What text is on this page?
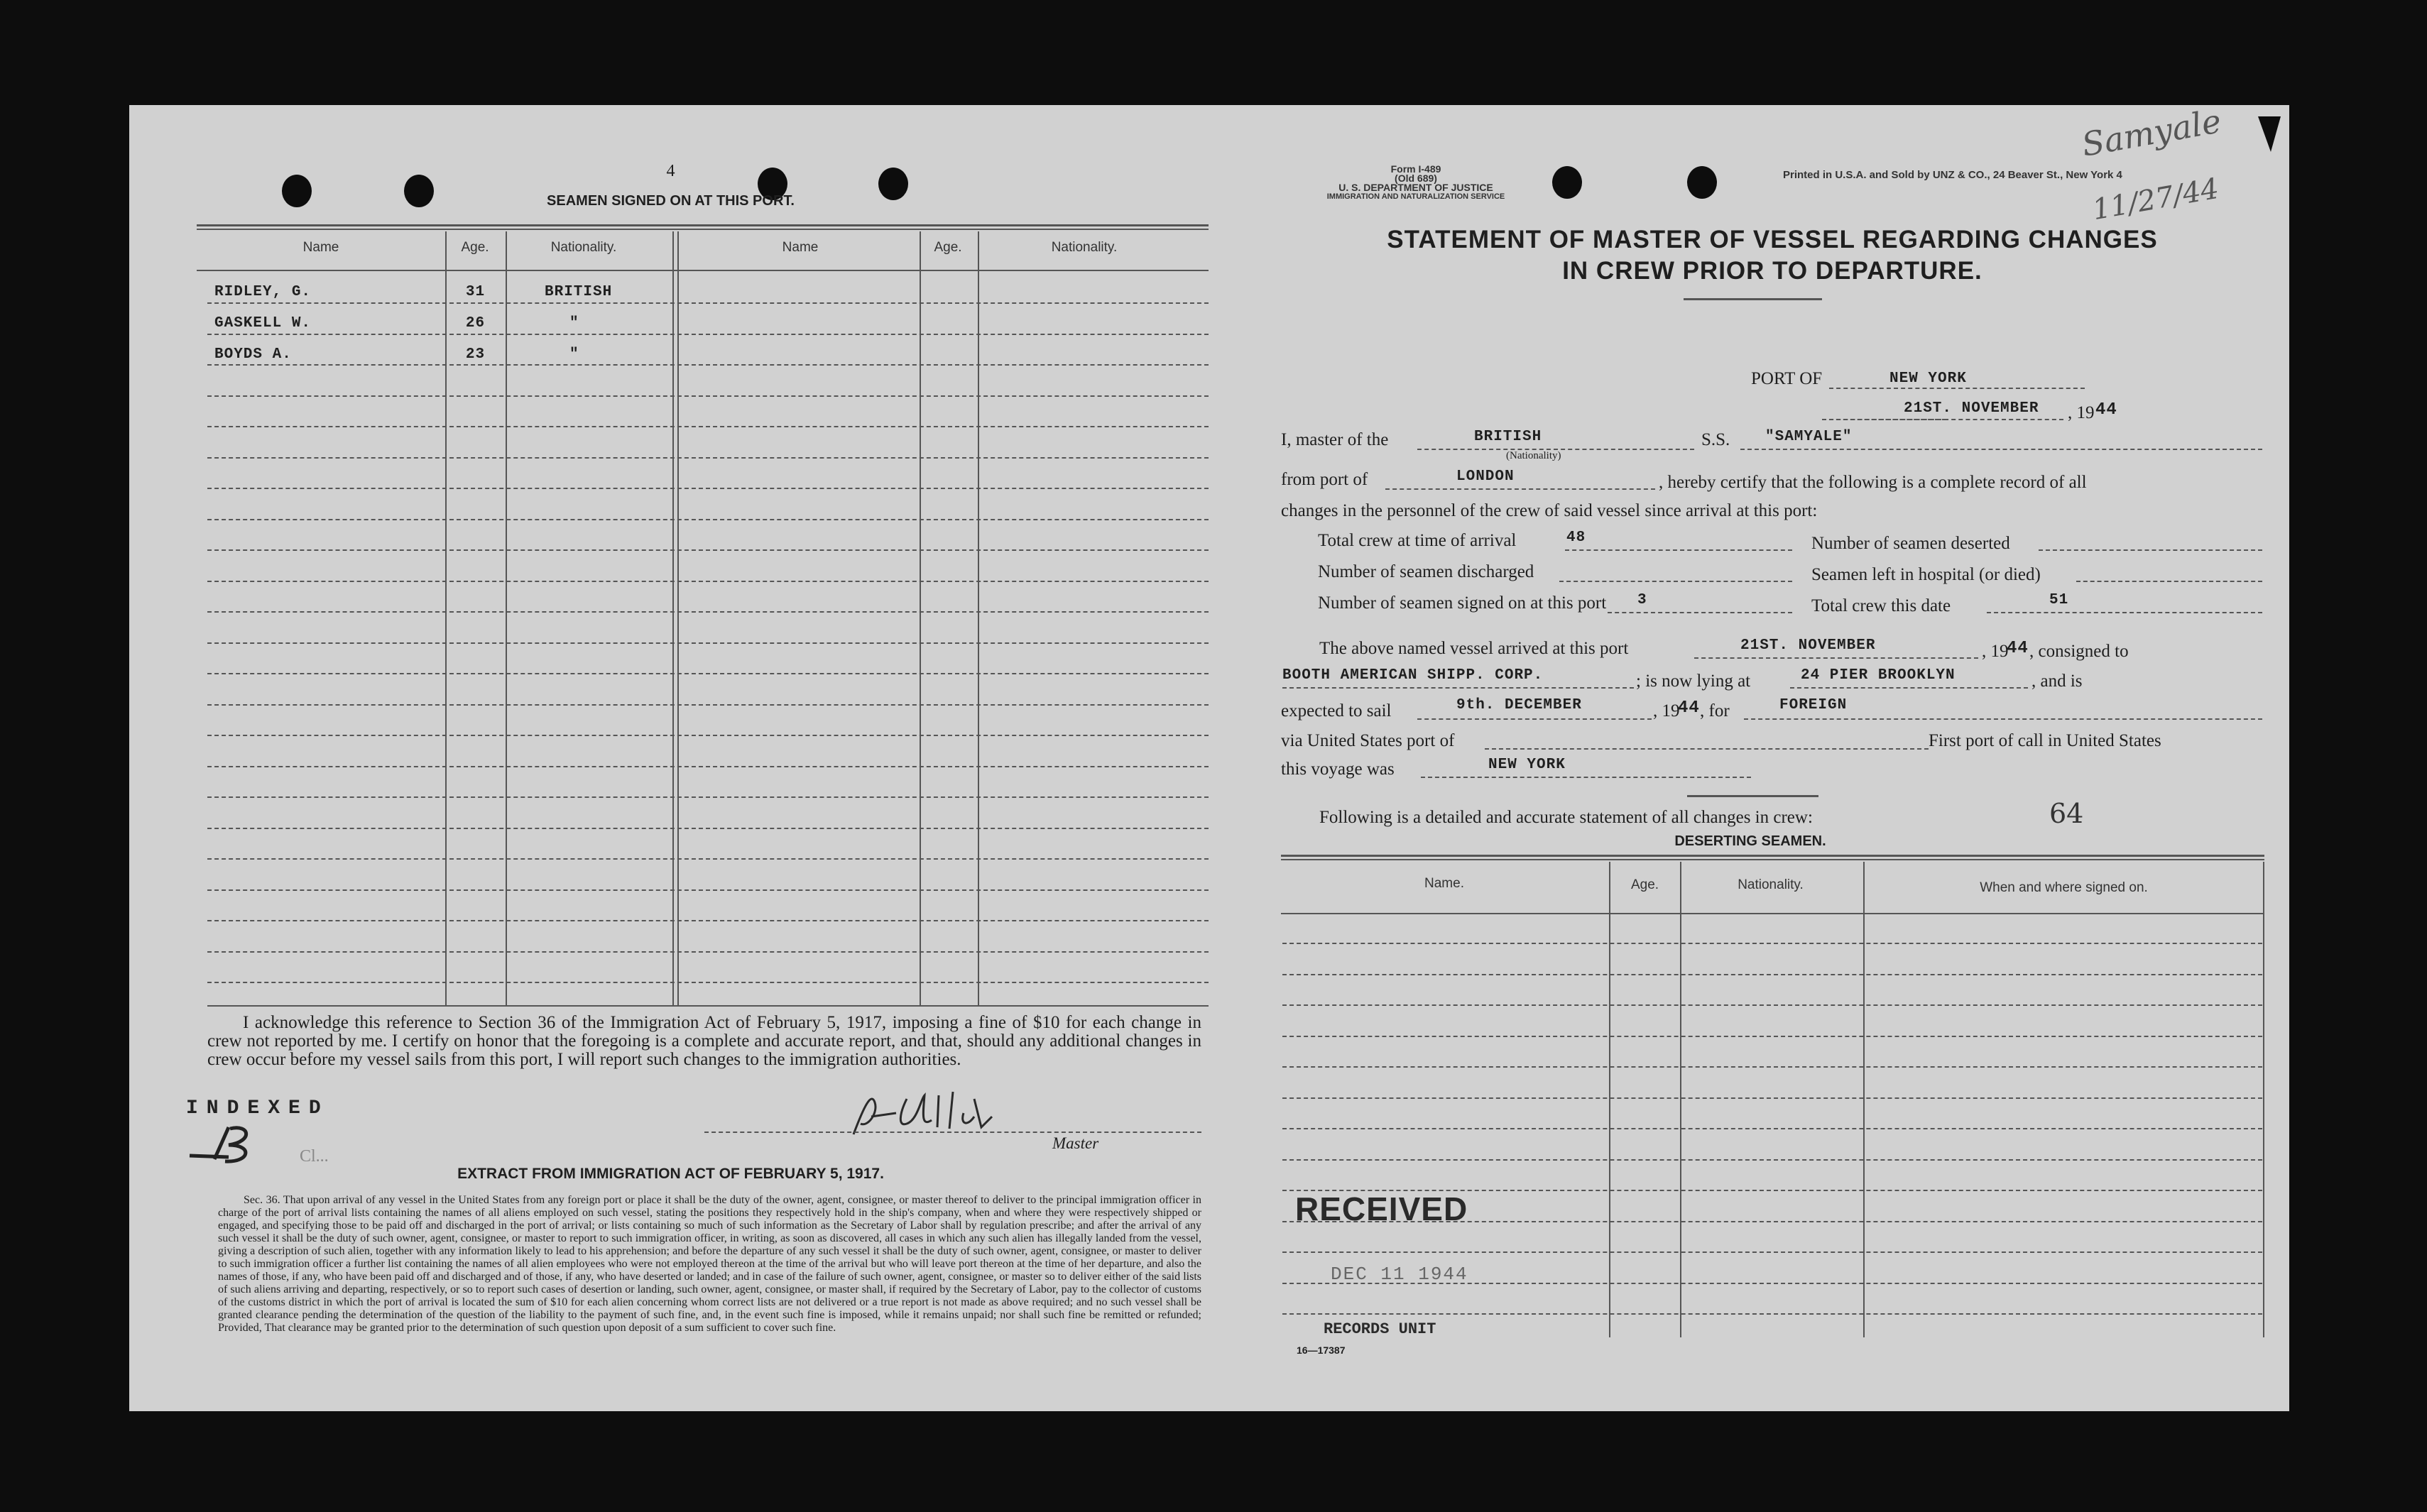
4
SEAMEN SIGNED ON AT THIS PORT.
Name	Age.	Nationality.	Name	Age.	Nationality.
RIDLEY, G.	31	BRITISH
GASKELL W.	26	"
BOYDS A.	23	"
I acknowledge this reference to Section 36 of the Immigration Act of February 5, 1917, imposing a fine of $10 for each change in crew not reported by me. I certify on honor that the foregoing is a complete and accurate report, and that, should any additional changes in crew occur before my vessel sails from this port, I will report such changes to the immigration authorities.
INDEXED
Cl...
Master
EXTRACT FROM IMMIGRATION ACT OF FEBRUARY 5, 1917.
Sec. 36. That upon arrival of any vessel in the United States from any foreign port or place it shall be the duty of the owner, agent, consignee, or master thereof to deliver to the principal immigration officer in charge of the port of arrival lists containing the names of all aliens employed on such vessel, stating the positions they respectively hold in the ship's company, when and where they were respectively shipped or engaged, and specifying those to be paid off and discharged in the port of arrival; or lists containing so much of such information as the Secretary of Labor shall by regulation prescribe; and after the arrival of any such vessel it shall be the duty of such owner, agent, consignee, or master to report to such immigration officer, in writing, as soon as discovered, all cases in which any such alien has illegally landed from the vessel, giving a description of such alien, together with any information likely to lead to his apprehension; and before the departure of any such vessel it shall be the duty of such owner, agent, consignee, or master to deliver to such immigration officer a further list containing the names of all alien employees who were not employed thereon at the time of the arrival but who will leave port thereon at the time of her departure, and also the names of those, if any, who have been paid off and discharged and of those, if any, who have deserted or landed; and in case of the failure of such owner, agent, consignee, or master so to deliver either of the said lists of such aliens arriving and departing, respectively, or so to report such cases of desertion or landing, such owner, agent, consignee, or master shall, if required by the Secretary of Labor, pay to the collector of customs of the customs district in which the port of arrival is located the sum of $10 for each alien concerning whom correct lists are not delivered or a true report is not made as above required; and no such vessel shall be granted clearance pending the determination of the question of the liability to the payment of such fine, and, in the event such fine is imposed, while it remains unpaid; nor shall such fine be remitted or refunded; Provided, That clearance may be granted prior to the determination of such question upon deposit of a sum sufficient to cover such fine.
Form I-489
(Old 689)
U. S. DEPARTMENT OF JUSTICE
IMMIGRATION AND NATURALIZATION SERVICE
Printed in U.S.A. and Sold by UNZ & CO., 24 Beaver St., New York 4
Samyale
11/27/44
STATEMENT OF MASTER OF VESSEL REGARDING CHANGES
IN CREW PRIOR TO DEPARTURE.
PORT OF	NEW YORK
21ST. NOVEMBER , 19 44
I, master of the	BRITISH
(Nationality)
S.S. "SAMYALE"
from port of	LONDON	, hereby certify that the following is a complete record of all
changes in the personnel of the crew of said vessel since arrival at this port:
Total crew at time of arrival	48	Number of seamen deserted
Number of seamen discharged	Seamen left in hospital (or died)
Number of seamen signed on at this port 3	Total crew this date	51
The above named vessel arrived at this port	21ST. NOVEMBER	, 19
44 , consigned to
BOOTH AMERICAN SHIPP. CORP.	; is now lying at	24 PIER BROOKLYN	, and is
expected to sail	9th. DECEMBER	, 19
44 , for	FOREIGN
via United States port of	First port of call in United States
this voyage was	NEW YORK
Following is a detailed and accurate statement of all changes in crew:	64
DESERTING SEAMEN.
Name.	Age.	Nationality.	When and where signed on.
RECEIVED
DEC 11 1944
RECORDS UNIT
16—17387
